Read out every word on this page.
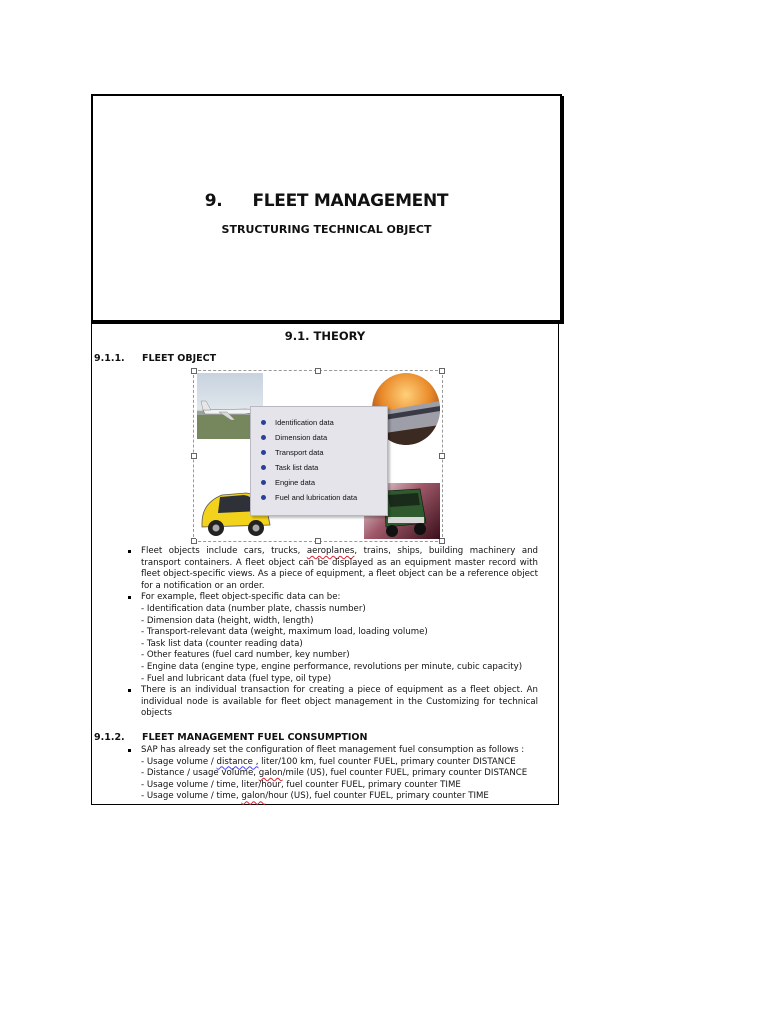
9. FLEET MANAGEMENT
STRUCTURING TECHNICAL OBJECT
9.1. THEORY
9.1.1. FLEET OBJECT
Identification data
Dimension data
Transport data
Task list data
Engine data
Fuel and lubrication data
Fleet objects include cars, trucks, aeroplanes, trains, ships, building machinery and transport containers. A fleet object can be displayed as an equipment master record with fleet object-specific views. As a piece of equipment, a fleet object can be a reference object for a notification or an order.
For example, fleet object-specific data can be:
- Identification data (number plate, chassis number)
- Dimension data (height, width, length)
- Transport-relevant data (weight, maximum load, loading volume)
- Task list data (counter reading data)
- Other features (fuel card number, key number)
- Engine data (engine type, engine performance, revolutions per minute, cubic capacity)
- Fuel and lubricant data (fuel type, oil type)
There is an individual transaction for creating a piece of equipment as a fleet object. An individual node is available for fleet object management in the Customizing for technical objects
9.1.2. FLEET MANAGEMENT FUEL CONSUMPTION
SAP has already set the configuration of fleet management fuel consumption as follows :
- Usage volume / distance , liter/100 km, fuel counter FUEL, primary counter DISTANCE
- Distance / usage volume, galon/mile (US), fuel counter FUEL, primary counter DISTANCE
- Usage volume / time, liter/hour, fuel counter FUEL, primary counter TIME
- Usage volume / time, galon/hour (US), fuel counter FUEL, primary counter TIME
